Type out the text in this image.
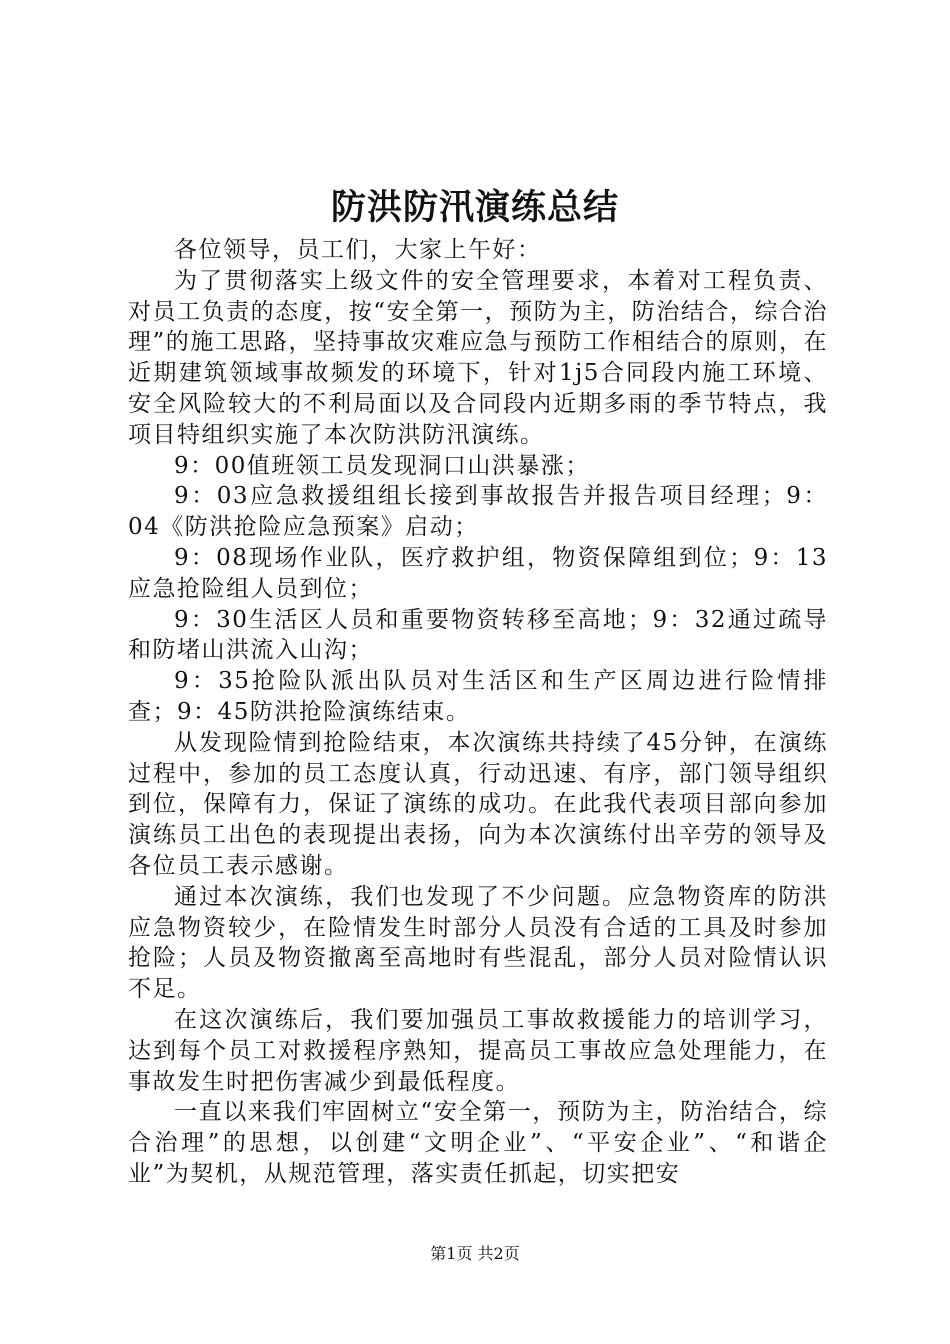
防洪防汛演练总结

各位领导，员工们，大家上午好：

为了贯彻落实上级文件的安全管理要求，本着对工程负责、对员工负责的态度，按“安全第一，预防为主，防治结合，综合治理”的施工思路，坚持事故灾难应急与预防工作相结合的原则，在近期建筑领域事故频发的环境下，针对1j5合同段内施工环境、安全风险较大的不利局面以及合同段内近期多雨的季节特点，我项目特组织实施了本次防洪防汛演练。

9：00值班领工员发现洞口山洪暴涨；

9：03应急救援组组长接到事故报告并报告项目经理；9：04《防洪抢险应急预案》启动；

9：08现场作业队，医疗救护组，物资保障组到位；9：13应急抢险组人员到位；

9：30生活区人员和重要物资转移至高地；9：32通过疏导和防堵山洪流入山沟；

9：35抢险队派出队员对生活区和生产区周边进行险情排查；9：45防洪抢险演练结束。

从发现险情到抢险结束，本次演练共持续了45分钟，在演练过程中，参加的员工态度认真，行动迅速、有序，部门领导组织到位，保障有力，保证了演练的成功。在此我代表项目部向参加演练员工出色的表现提出表扬，向为本次演练付出辛劳的领导及各位员工表示感谢。

通过本次演练，我们也发现了不少问题。应急物资库的防洪应急物资较少，在险情发生时部分人员没有合适的工具及时参加抢险；人员及物资撤离至高地时有些混乱，部分人员对险情认识不足。

在这次演练后，我们要加强员工事故救援能力的培训学习，达到每个员工对救援程序熟知，提高员工事故应急处理能力，在事故发生时把伤害减少到最低程度。

一直以来我们牢固树立“安全第一，预防为主，防治结合，综合治理”的思想，以创建“文明企业”、“平安企业”、“和谐企业”为契机，从规范管理，落实责任抓起，切实把安

第1页 共2页
